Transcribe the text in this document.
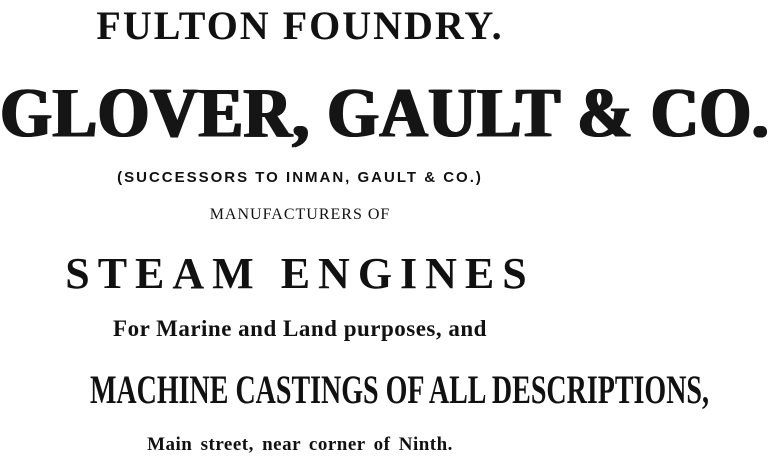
FULTON FOUNDRY.
GLOVER, GAULT & CO.
(SUCCESSORS TO INMAN, GAULT & CO.)
MANUFACTURERS OF
STEAM ENGINES
For Marine and Land purposes, and
MACHINE CASTINGS OF ALL DESCRIPTIONS,
Main street, near corner of Ninth.
